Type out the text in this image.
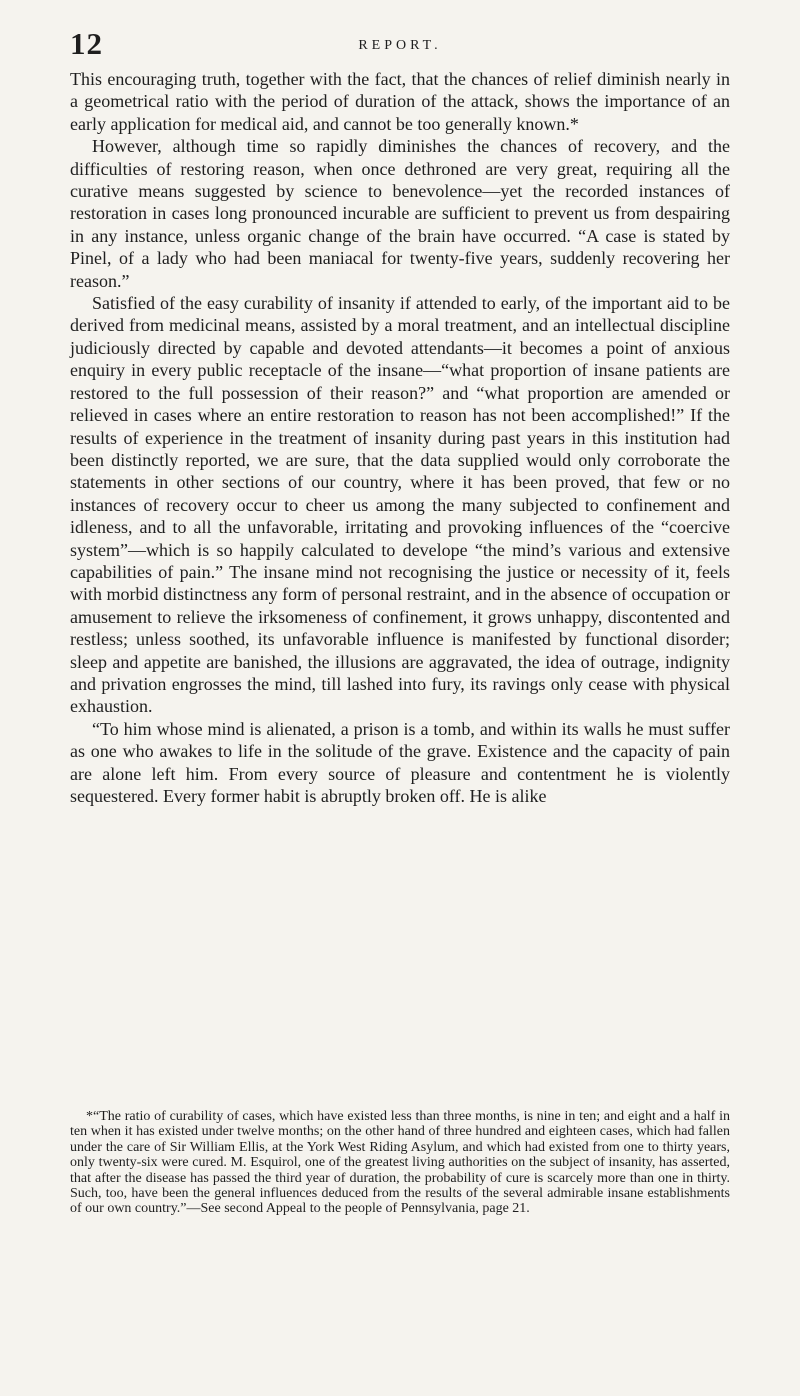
12	REPORT.

This encouraging truth, together with the fact, that the chances of relief diminish nearly in a geometrical ratio with the period of duration of the attack, shows the importance of an early application for medical aid, and cannot be too generally known.*

However, although time so rapidly diminishes the chances of recovery, and the difficulties of restoring reason, when once dethroned are very great, requiring all the curative means suggested by science to benevolence—yet the recorded instances of restoration in cases long pronounced incurable are sufficient to prevent us from despairing in any instance, unless organic change of the brain have occurred. “A case is stated by Pinel, of a lady who had been maniacal for twenty-five years, suddenly recovering her reason.”

Satisfied of the easy curability of insanity if attended to early, of the important aid to be derived from medicinal means, assisted by a moral treatment, and an intellectual discipline judiciously directed by capable and devoted attendants—it becomes a point of anxious enquiry in every public receptacle of the insane—“what proportion of insane patients are restored to the full possession of their reason?” and “what proportion are amended or relieved in cases where an entire restoration to reason has not been accomplished!” If the results of experience in the treatment of insanity during past years in this institution had been distinctly reported, we are sure, that the data supplied would only corroborate the statements in other sections of our country, where it has been proved, that few or no instances of recovery occur to cheer us among the many subjected to confinement and idleness, and to all the unfavorable, irritating and provoking influences of the “coercive system”—which is so happily calculated to develope “the mind’s various and extensive capabilities of pain.” The insane mind not recognising the justice or necessity of it, feels with morbid distinctness any form of personal restraint, and in the absence of occupation or amusement to relieve the irksomeness of confinement, it grows unhappy, discontented and restless; unless soothed, its unfavorable influence is manifested by functional disorder; sleep and appetite are banished, the illusions are aggravated, the idea of outrage, indignity and privation engrosses the mind, till lashed into fury, its ravings only cease with physical exhaustion.

“To him whose mind is alienated, a prison is a tomb, and within its walls he must suffer as one who awakes to life in the solitude of the grave. Existence and the capacity of pain are alone left him. From every source of pleasure and contentment he is violently sequestered. Every former habit is abruptly broken off. He is alike

*“The ratio of curability of cases, which have existed less than three months, is nine in ten; and eight and a half in ten when it has existed under twelve months; on the other hand of three hundred and eighteen cases, which had fallen under the care of Sir William Ellis, at the York West Riding Asylum, and which had existed from one to thirty years, only twenty-six were cured. M. Esquirol, one of the greatest living authorities on the subject of insanity, has asserted, that after the disease has passed the third year of duration, the probability of cure is scarcely more than one in thirty. Such, too, have been the general influences deduced from the results of the several admirable insane establishments of our own country.”—See second Appeal to the people of Pennsylvania, page 21.
